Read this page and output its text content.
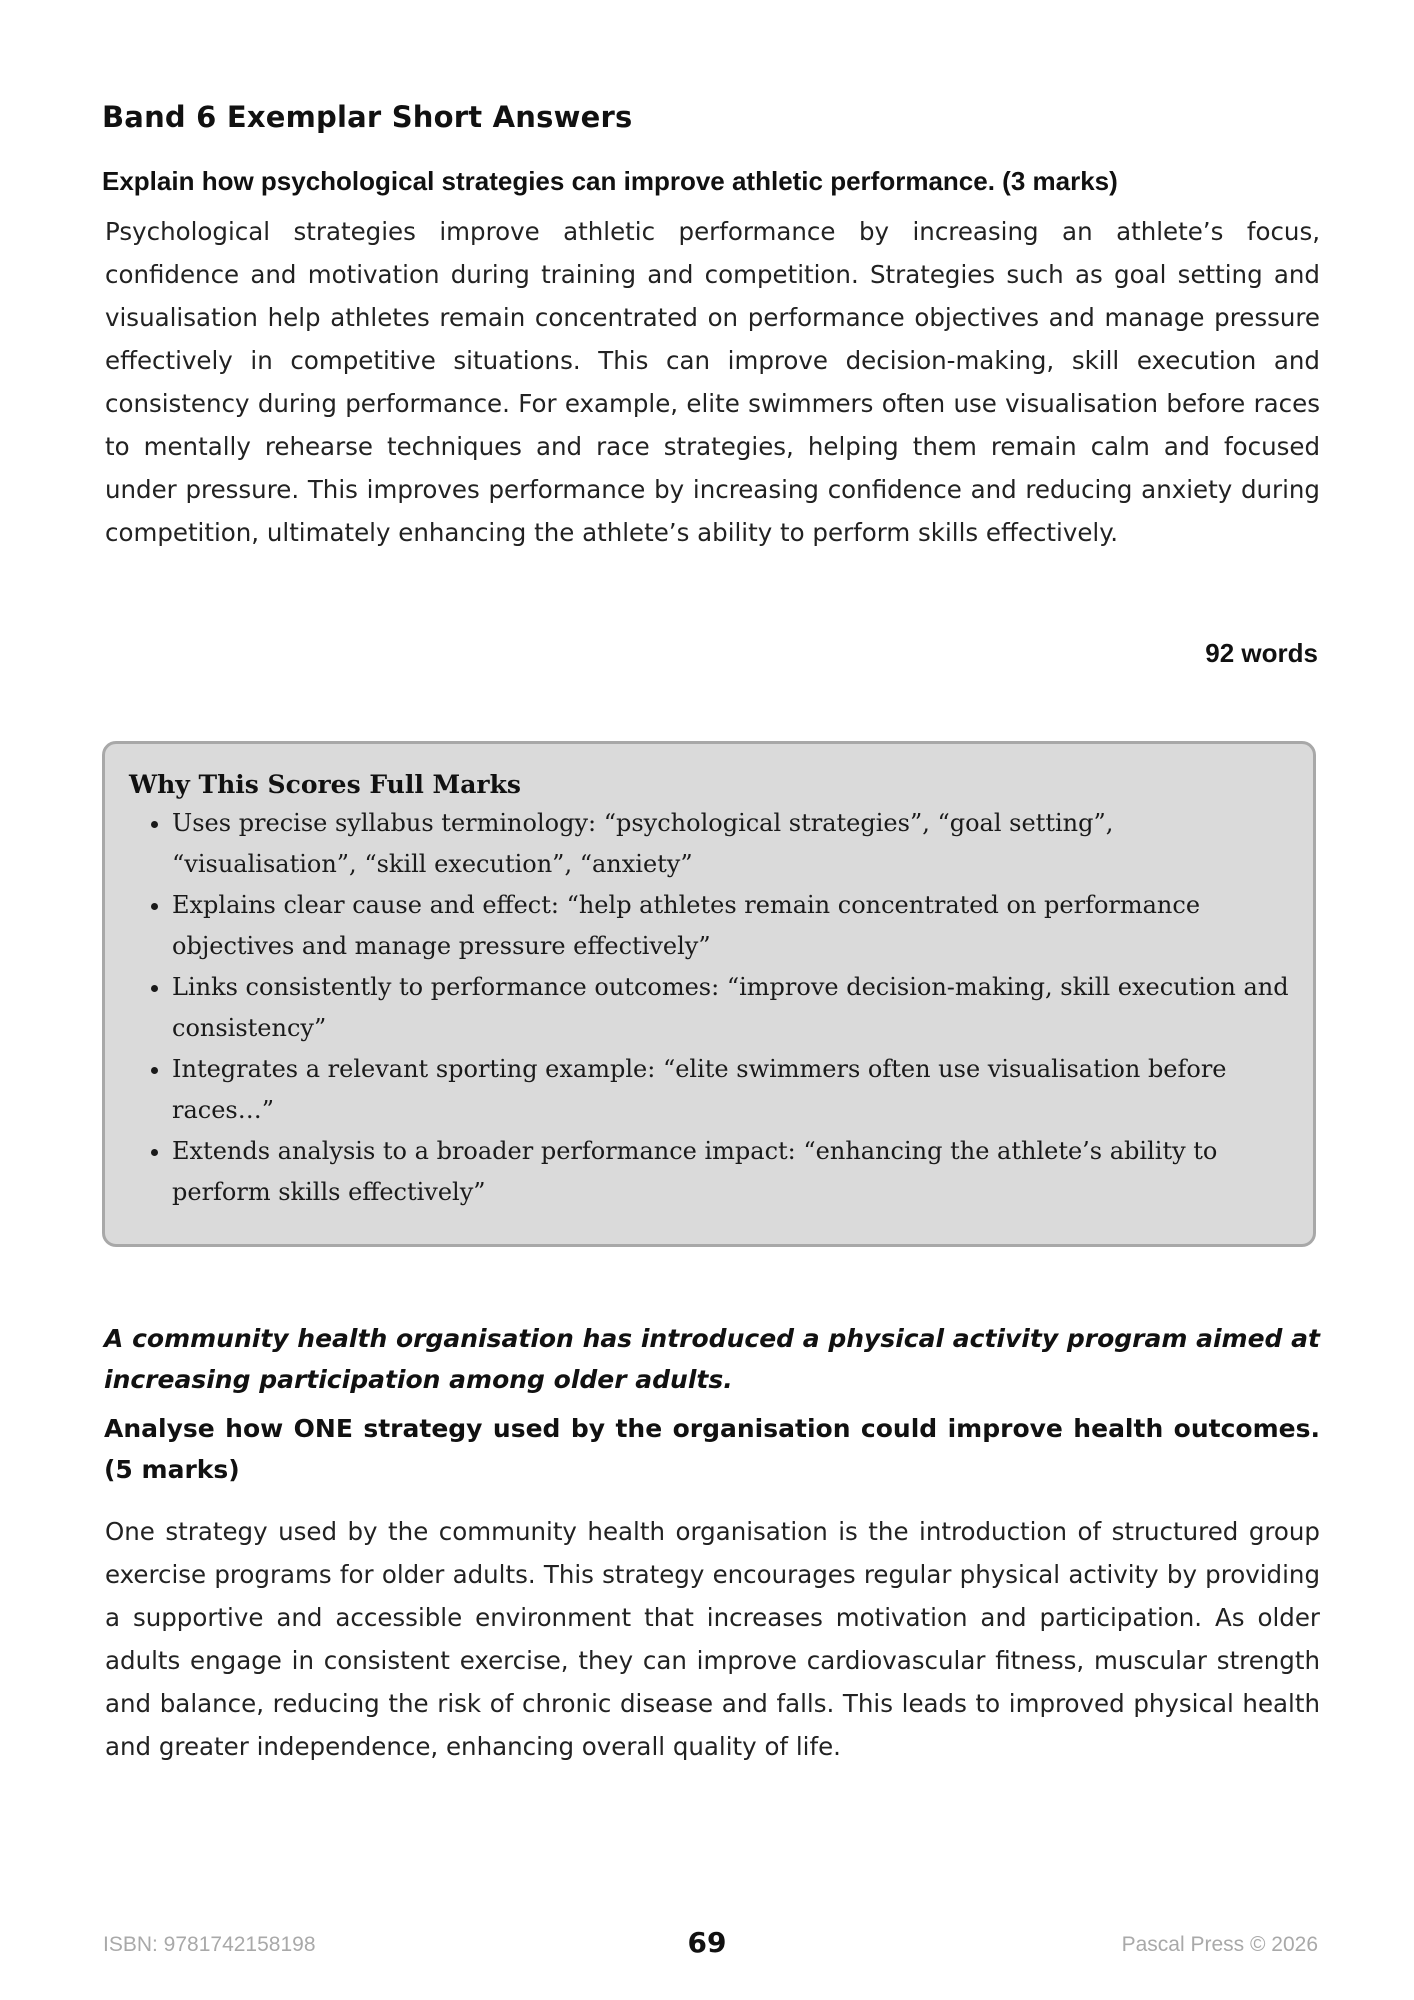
Band 6 Exemplar Short Answers
Explain how psychological strategies can improve athletic performance. (3 marks)

Psychological strategies improve athletic performance by increasing an athlete’s focus, confidence and motivation during training and competition. Strategies such as goal setting and visualisation help athletes remain concentrated on performance objectives and manage pressure effectively in competitive situations. This can improve decision-making, skill execution and consistency during performance. For example, elite swimmers often use visualisation before races to mentally rehearse techniques and race strategies, helping them remain calm and focused under pressure. This improves performance by increasing confidence and reducing anxiety during competition, ultimately enhancing the athlete’s ability to perform skills effectively.

92 words

Why This Scores Full Marks
• Uses precise syllabus terminology: “psychological strategies”, “goal setting”, “visualisation”, “skill execution”, “anxiety”
• Explains clear cause and effect: “help athletes remain concentrated on performance objectives and manage pressure effectively”
• Links consistently to performance outcomes: “improve decision-making, skill execution and consistency”
• Integrates a relevant sporting example: “elite swimmers often use visualisation before races…”
• Extends analysis to a broader performance impact: “enhancing the athlete’s ability to perform skills effectively”

A community health organisation has introduced a physical activity program aimed at increasing participation among older adults.

Analyse how ONE strategy used by the organisation could improve health outcomes. (5 marks)

One strategy used by the community health organisation is the introduction of structured group exercise programs for older adults. This strategy encourages regular physical activity by providing a supportive and accessible environment that increases motivation and participation. As older adults engage in consistent exercise, they can improve cardiovascular fitness, muscular strength and balance, reducing the risk of chronic disease and falls. This leads to improved physical health and greater independence, enhancing overall quality of life.

ISBN: 9781742158198	69	Pascal Press © 2026
